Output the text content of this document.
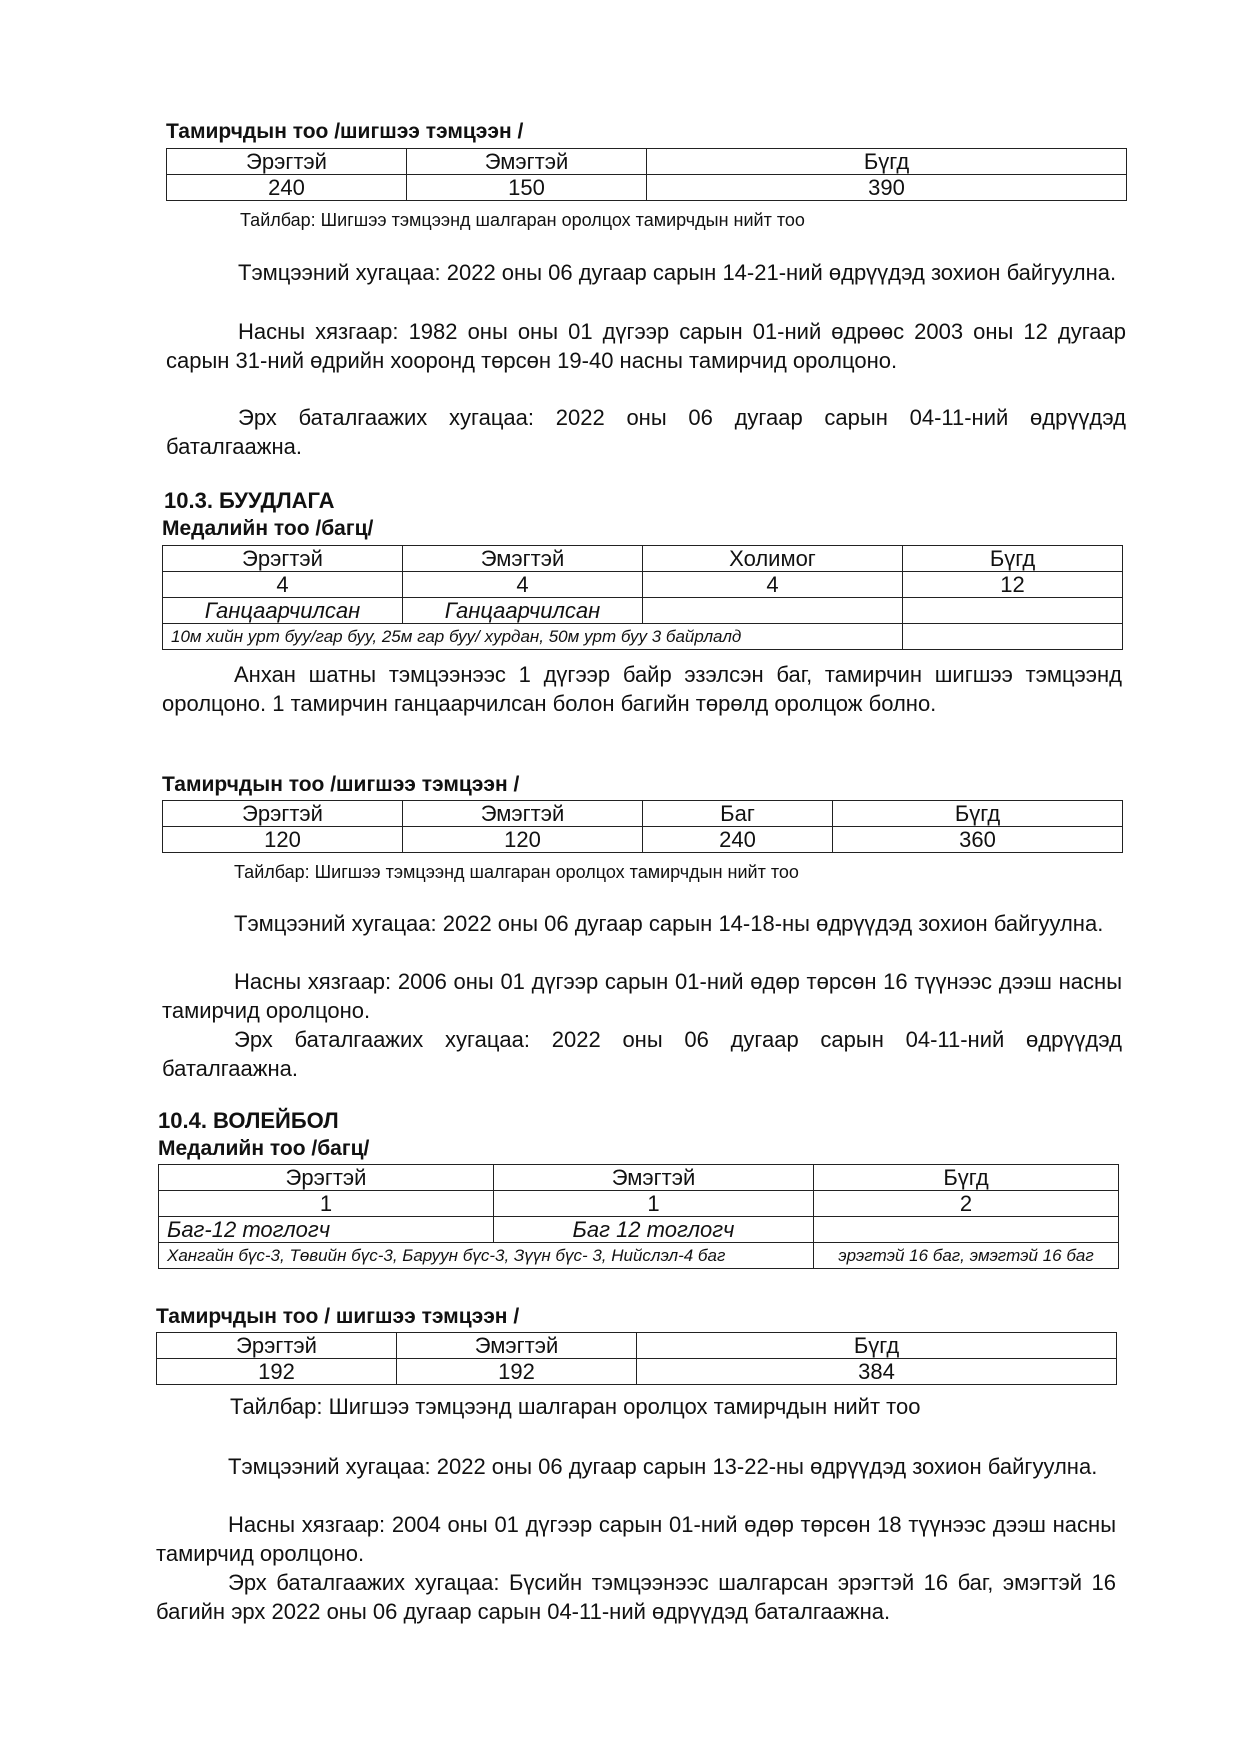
Тамирчдын тоо /шигшээ тэмцээн /
Эрэгтэй	Эмэгтэй	Бүгд
240	150	390
Тайлбар: Шигшээ тэмцээнд шалгаран оролцох тамирчдын нийт тоо

Тэмцээний хугацаа: 2022 оны 06 дугаар сарын 14-21-ний өдрүүдэд зохион байгуулна.

Насны хязгаар: 1982 оны оны 01 дүгээр сарын 01-ний өдрөөс 2003 оны 12 дугаар сарын 31-ний өдрийн хооронд төрсөн 19-40 насны тамирчид оролцоно.

Эрх баталгаажих хугацаа: 2022 оны 06 дугаар сарын 04-11-ний өдрүүдэд баталгаажна.

10.3. БУУДЛАГА
Медалийн тоо /багц/
Эрэгтэй	Эмэгтэй	Холимог	Бүгд
4	4	4	12
Ганцаарчилсан	Ганцаарчилсан		
10м хийн урт буу/гар буу, 25м гар буу/ хурдан, 50м урт буу 3 байрлалд			

Анхан шатны тэмцээнээс 1 дүгээр байр эзэлсэн баг, тамирчин шигшээ тэмцээнд оролцоно. 1 тамирчин ганцаарчилсан болон багийн төрөлд оролцож болно.

Тамирчдын тоо /шигшээ тэмцээн /
Эрэгтэй	Эмэгтэй	Баг	Бүгд
120	120	240	360
Тайлбар: Шигшээ тэмцээнд шалгаран оролцох тамирчдын нийт тоо

Тэмцээний хугацаа: 2022 оны 06 дугаар сарын 14-18-ны өдрүүдэд зохион байгуулна.

Насны хязгаар: 2006 оны 01 дүгээр сарын 01-ний өдөр төрсөн 16 түүнээс дээш насны тамирчид оролцоно.

Эрх баталгаажих хугацаа: 2022 оны 06 дугаар сарын 04-11-ний өдрүүдэд баталгаажна.

10.4. ВОЛЕЙБОЛ
Медалийн тоо /багц/
Эрэгтэй	Эмэгтэй	Бүгд
1	1	2
Баг-12 тоглогч	Баг 12 тоглогч	
Хангайн бүс-3, Төвийн бүс-3, Баруун бүс-3, Зүүн бүс- 3, Нийслэл-4 баг		эрэгтэй 16 баг, эмэгтэй 16 баг
Тамирчдын тоо / шигшээ тэмцээн /
Эрэгтэй	Эмэгтэй	Бүгд
192	192	384
Тайлбар: Шигшээ тэмцээнд шалгаран оролцох тамирчдын нийт тоо

Тэмцээний хугацаа: 2022 оны 06 дугаар сарын 13-22-ны өдрүүдэд зохион байгуулна.

Насны хязгаар: 2004 оны 01 дүгээр сарын 01-ний өдөр төрсөн 18 түүнээс дээш насны тамирчид оролцоно.

Эрх баталгаажих хугацаа: Бүсийн тэмцээнээс шалгарсан эрэгтэй 16 баг, эмэгтэй 16 багийн эрх 2022 оны 06 дугаар сарын 04-11-ний өдрүүдэд баталгаажна.
